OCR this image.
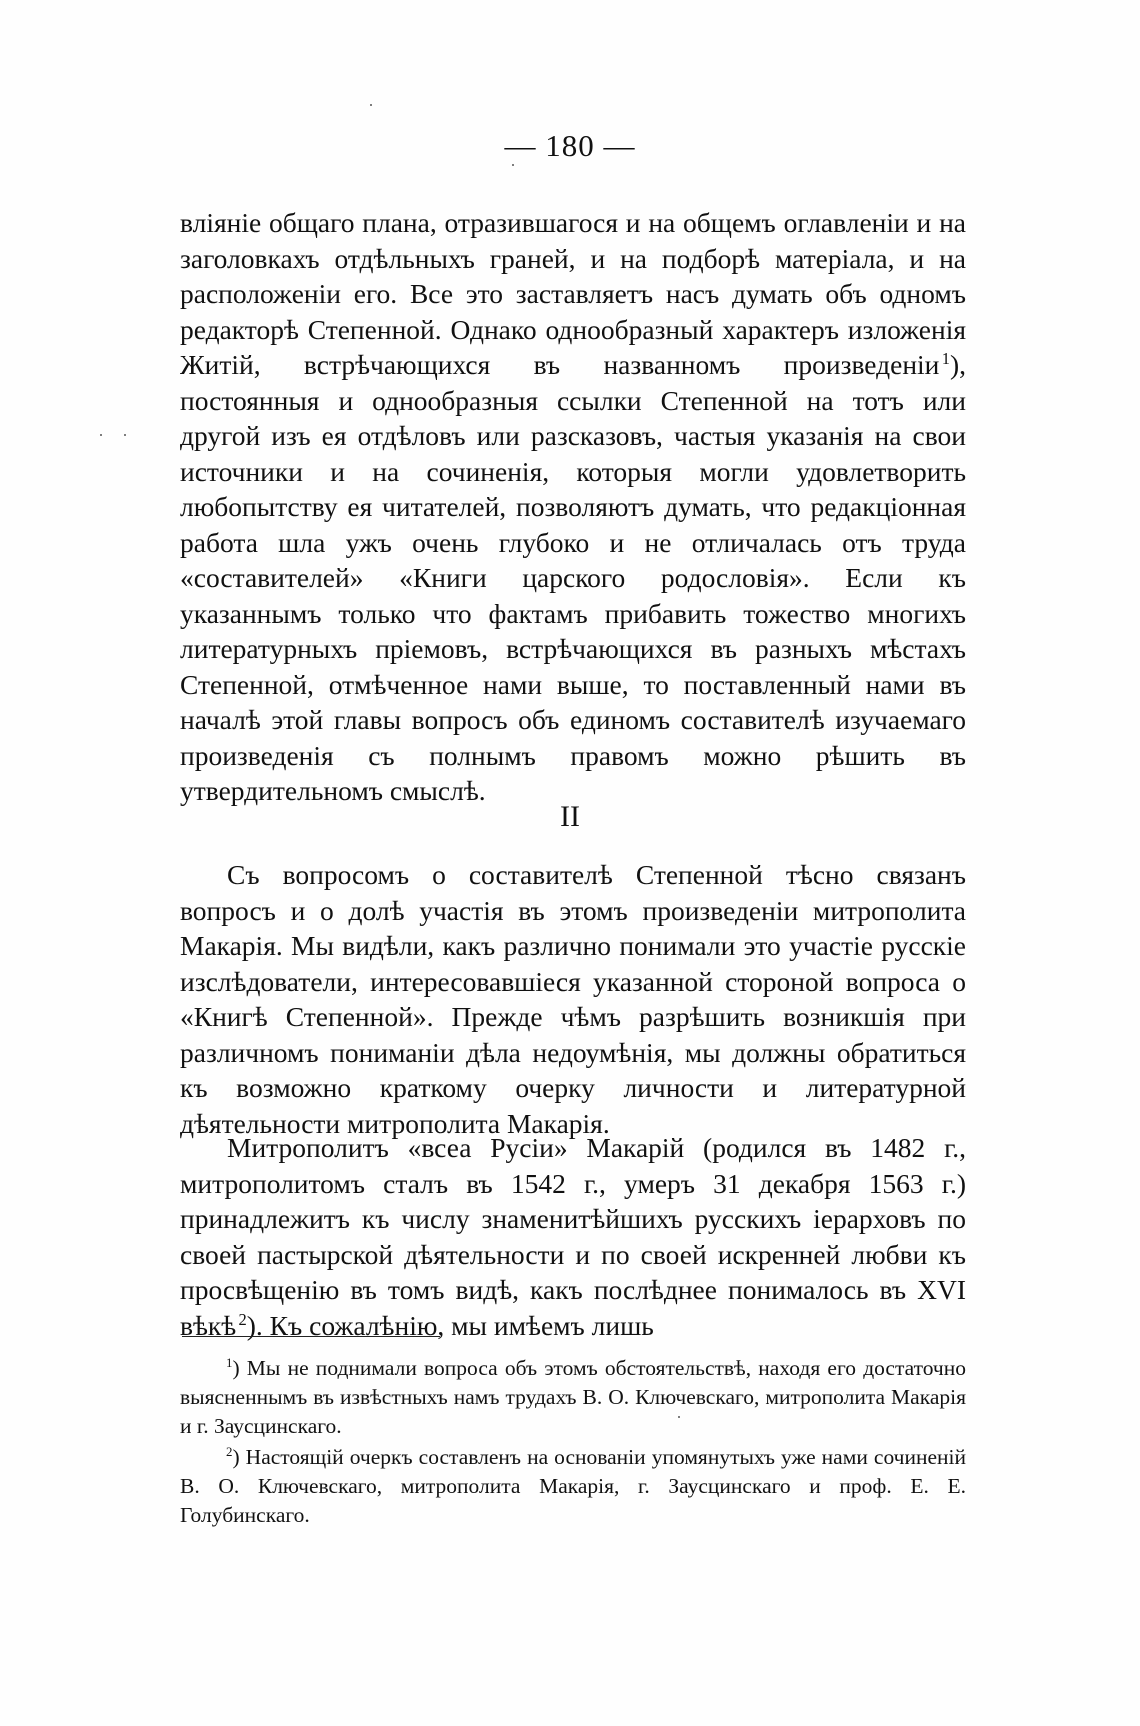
— 180 —

вліяніе общаго плана, отразившагося и на общемъ оглавленіи и на заголовкахъ отдѣльныхъ граней, и на подборѣ матеріала, и на расположеніи его. Все это заставляетъ насъ думать объ одномъ редакторѣ Степенной. Однако однообразный характеръ изложенія Житій, встрѣчающихся въ названномъ произведеніи  $^1$), постоянныя и однообразныя ссылки Степенной на тотъ или другой изъ ея отдѣловъ или разсказовъ, частыя указанія на свои источники и на сочиненія, которыя могли удовлетворить любопытству ея читателей, позволяютъ думать, что редакціонная работа шла ужъ очень глубоко и не отличалась отъ труда «составителей» «Книги царского родословія». Если къ указаннымъ только что фактамъ прибавить тожество многихъ литературныхъ пріемовъ, встрѣчающихся въ разныхъ мѣстахъ Степенной, отмѣченное нами выше, то поставленный нами въ началѣ этой главы вопросъ объ единомъ составителѣ изучаемаго произведенія съ полнымъ правомъ можно рѣшить въ утвердительномъ смыслѣ.

II

Съ вопросомъ о составителѣ Степенной тѣсно связанъ вопросъ и о долѣ участія въ этомъ произведеніи митрополита Макарія. Мы видѣли, какъ различно понимали это участіе русскіе изслѣдователи, интересовавшіеся указанной стороной вопроса о «Книгѣ Степенной». Прежде чѣмъ разрѣшить возникшія при различномъ пониманіи дѣла недоумѣнія, мы должны обратиться къ возможно краткому очерку личности и литературной дѣятельности митрополита Макарія.

Митрополитъ «всеа Русіи» Макарій (родился въ 1482 г., митрополитомъ сталъ въ 1542 г., умеръ 31 декабря 1563 г.) принадлежитъ къ числу знаменитѣйшихъ русскихъ іерарховъ по своей пастырской дѣятельности и по своей искренней любви къ просвѣщенію въ томъ видѣ, какъ послѣднее понималось въ XVI вѣкѣ  $^2$). Къ сожалѣнію, мы имѣемъ лишь

$^1$) Мы не поднимали вопроса объ этомъ обстоятельствѣ, находя его достаточно выясненнымъ въ извѣстныхъ намъ трудахъ В. О. Ключевскаго, митрополита Макарія и г. Заусцинскаго.

$^2$) Настоящій очеркъ составленъ на основаніи упомянутыхъ уже нами сочиненій В. О. Ключевскаго, митрополита Макарія, г. Заусцинскаго и проф. Е. Е. Голубинскаго.
